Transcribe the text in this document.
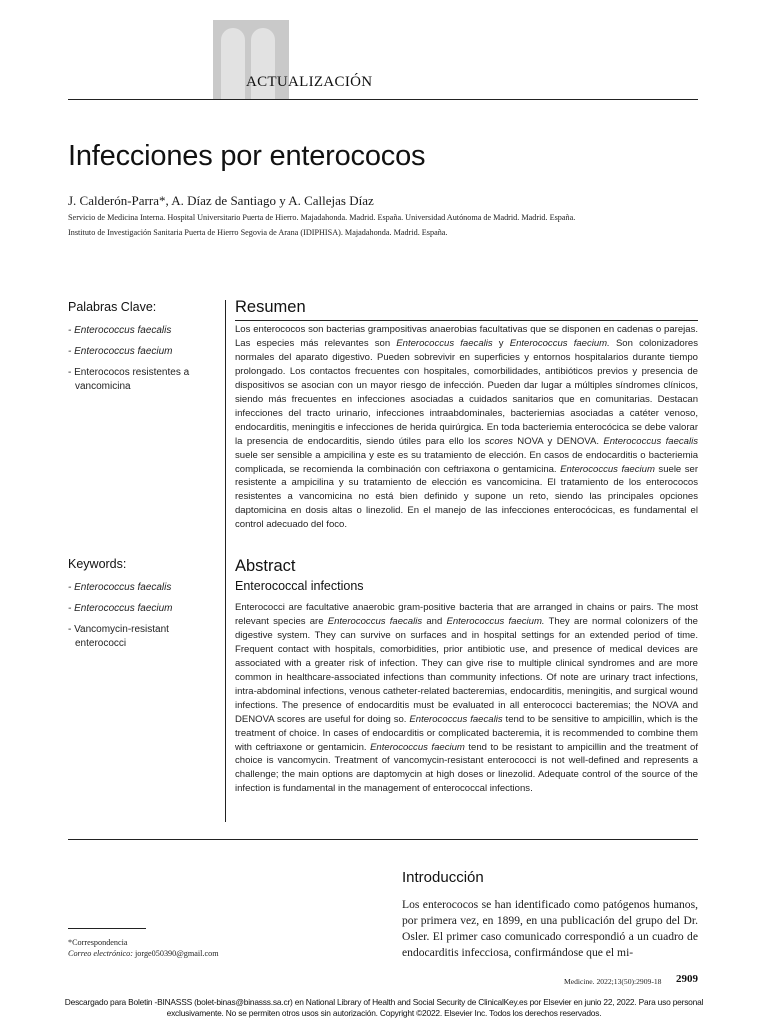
ACTUALIZACIÓN
Infecciones por enterococos
J. Calderón-Parra*, A. Díaz de Santiago y A. Callejas Díaz
Servicio de Medicina Interna. Hospital Universitario Puerta de Hierro. Majadahonda. Madrid. España. Universidad Autónoma de Madrid. Madrid. España.
Instituto de Investigación Sanitaria Puerta de Hierro Segovia de Arana (IDIPHISA). Majadahonda. Madrid. España.
Palabras Clave:
- Enterococcus faecalis
- Enterococcus faecium
- Enterococos resistentes a vancomicina
Keywords:
- Enterococcus faecalis
- Enterococcus faecium
- Vancomycin-resistant enterococci
Resumen

Los enterococos son bacterias grampositivas anaerobias facultativas que se disponen en cadenas o parejas. Las especies más relevantes son Enterococcus faecalis y Enterococcus faecium. Son colonizadores normales del aparato digestivo. Pueden sobrevivir en superficies y entornos hospitalarios durante tiempo prolongado. Los contactos frecuentes con hospitales, comorbilidades, antibióticos previos y presencia de dispositivos se asocian con un mayor riesgo de infección. Pueden dar lugar a múltiples síndromes clínicos, siendo más frecuentes en infecciones asociadas a cuidados sanitarios que en comunitarias. Destacan infecciones del tracto urinario, infecciones intraabdominales, bacteriemias asociadas a catéter venoso, endocarditis, meningitis e infecciones de herida quirúrgica. En toda bacteriemia enterocócica se debe valorar la presencia de endocarditis, siendo útiles para ello los scores NOVA y DENOVA. Enterococcus faecalis suele ser sensible a ampicilina y este es su tratamiento de elección. En casos de endocarditis o bacteriemia complicada, se recomienda la combinación con ceftriaxona o gentamicina. Enterococcus faecium suele ser resistente a ampicilina y su tratamiento de elección es vancomicina. El tratamiento de los enterococos resistentes a vancomicina no está bien definido y supone un reto, siendo las principales opciones daptomicina en dosis altas o linezolid. En el manejo de las infecciones enterocócicas, es fundamental el control adecuado del foco.

Abstract
Enterococcal infections

Enterococci are facultative anaerobic gram-positive bacteria that are arranged in chains or pairs. The most relevant species are Enterococcus faecalis and Enterococcus faecium. They are normal colonizers of the digestive system. They can survive on surfaces and in hospital settings for an extended period of time. Frequent contact with hospitals, comorbidities, prior antibiotic use, and presence of medical devices are associated with a greater risk of infection. They can give rise to multiple clinical syndromes and are more common in healthcare-associated infections than community infections. Of note are urinary tract infections, intra-abdominal infections, venous catheter-related bacteremias, endocarditis, meningitis, and surgical wound infections. The presence of endocarditis must be evaluated in all enterococci bacteremias; the NOVA and DENOVA scores are useful for doing so. Enterococcus faecalis tend to be sensitive to ampicillin, which is the treatment of choice. In cases of endocarditis or complicated bacteremia, it is recommended to combine them with ceftriaxone or gentamicin. Enterococcus faecium tend to be resistant to ampicillin and the treatment of choice is vancomycin. Treatment of vancomycin-resistant enterococci is not well-defined and represents a challenge; the main options are daptomycin at high doses or linezolid. Adequate control of the source of the infection is fundamental in the management of enterococcal infections.

Introducción

Los enterococos se han identificado como patógenos humanos, por primera vez, en 1899, en una publicación del grupo del Dr. Osler. El primer caso comunicado correspondió a un cuadro de endocarditis infecciosa, confirmándose que el mi-

*Correspondencia
Correo electrónico: jorge050390@gmail.com
Medicine. 2022;13(50):2909-18 2909

Descargado para Boletin -BINASSS (bolet-binas@binasss.sa.cr) en National Library of Health and Social Security de ClinicalKey.es por Elsevier en junio 22, 2022. Para uso personal exclusivamente. No se permiten otros usos sin autorización. Copyright ©2022. Elsevier Inc. Todos los derechos reservados.
